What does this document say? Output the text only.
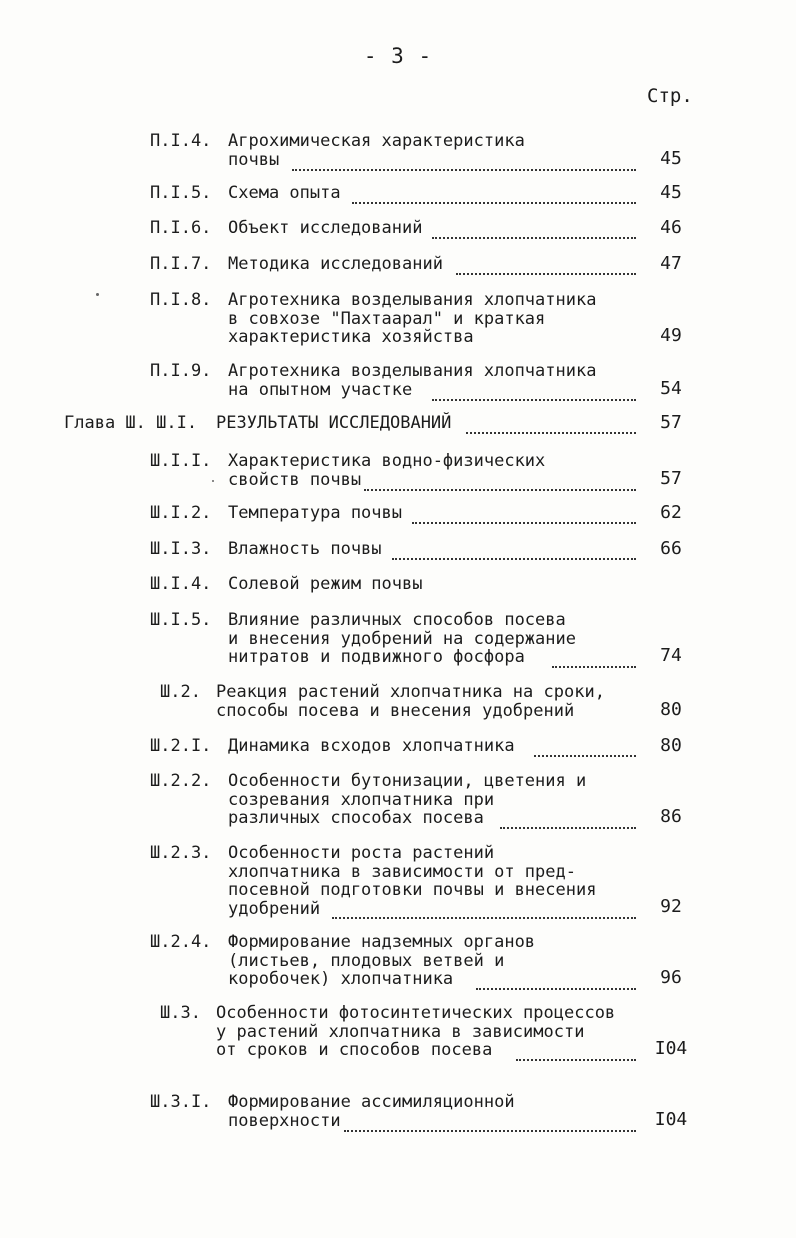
- 3 -
Стр.
П.I.4. Агрохимическая характеристика
почвы	45
П.I.5. Схема опыта	45
П.I.6. Объект исследований	46
П.I.7. Методика исследований	47
П.I.8. Агротехника возделывания хлопчатника
в совхозе "Пахтаарал" и краткая
характеристика хозяйства	49
П.I.9. Агротехника возделывания хлопчатника
на опытном участке	54
Глава Ш. Ш.I. РЕЗУЛЬТАТЫ ИССЛЕДОВАНИЙ	57
Ш.I.I. Характеристика водно-физических
свойств почвы	57
Ш.I.2. Температура почвы	62
Ш.I.3. Влажность почвы	66
Ш.I.4. Солевой режим почвы
Ш.I.5. Влияние различных способов посева
и внесения удобрений на содержание
нитратов и подвижного фосфора	74
Ш.2. Реакция растений хлопчатника на сроки,
способы посева и внесения удобрений	80
Ш.2.I. Динамика всходов хлопчатника	80
Ш.2.2. Особенности бутонизации, цветения и
созревания хлопчатника при
различных способах посева	86
Ш.2.3. Особенности роста растений
хлопчатника в зависимости от пред-
посевной подготовки почвы и внесения
удобрений	92
Ш.2.4. Формирование надземных органов
(листьев, плодовых ветвей и
коробочек) хлопчатника	96
Ш.3. Особенности фотосинтетических процессов
у растений хлопчатника в зависимости
от сроков и способов посева	I04
Ш.3.I. Формирование ассимиляционной
поверхности	I04
